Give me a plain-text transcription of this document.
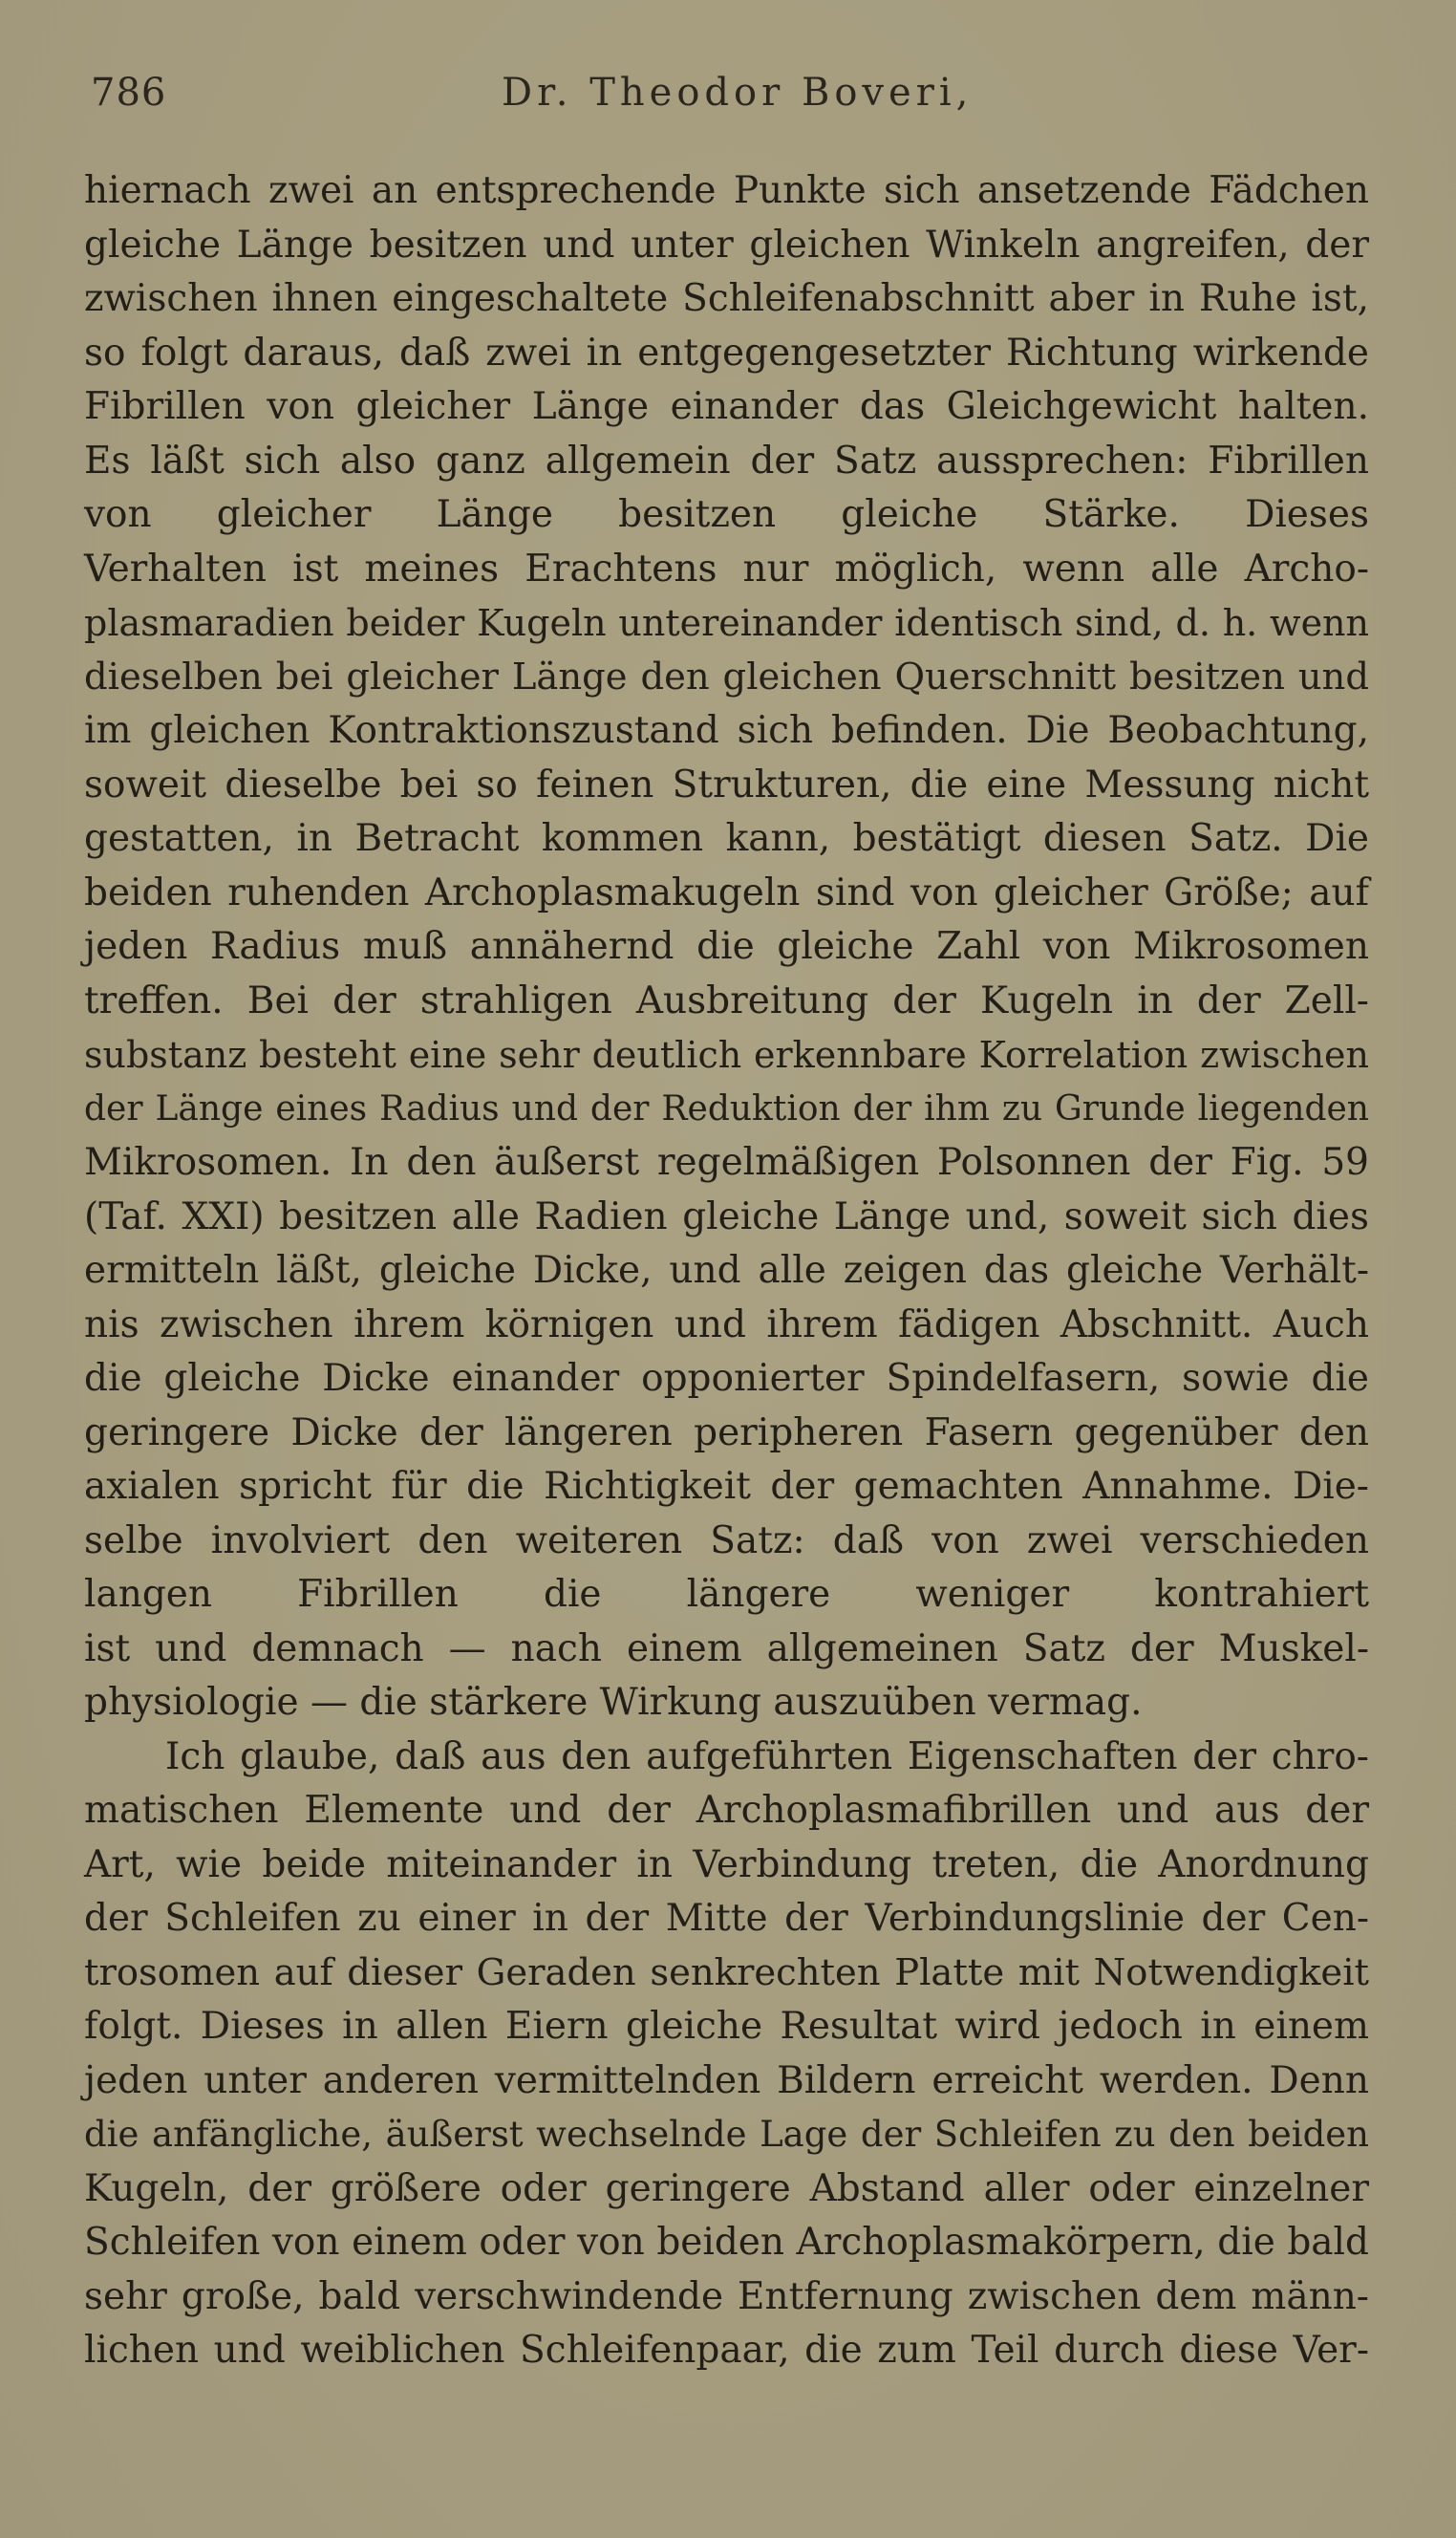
786	Dr. Theodor Boveri,
hiernach zwei an entsprechende Punkte sich ansetzende Fädchen
gleiche Länge besitzen und unter gleichen Winkeln angreifen, der
zwischen ihnen eingeschaltete Schleifenabschnitt aber in Ruhe ist,
so folgt daraus, daß zwei in entgegengesetzter Richtung wirkende
Fibrillen von gleicher Länge einander das Gleichgewicht halten.
Es läßt sich also ganz allgemein der Satz aussprechen: Fibrillen
von gleicher Länge besitzen gleiche Stärke. Dieses
Verhalten ist meines Erachtens nur möglich, wenn alle Archo-
plasmaradien beider Kugeln untereinander identisch sind, d. h. wenn
dieselben bei gleicher Länge den gleichen Querschnitt besitzen und
im gleichen Kontraktionszustand sich befinden. Die Beobachtung,
soweit dieselbe bei so feinen Strukturen, die eine Messung nicht
gestatten, in Betracht kommen kann, bestätigt diesen Satz. Die
beiden ruhenden Archoplasmakugeln sind von gleicher Größe; auf
jeden Radius muß annähernd die gleiche Zahl von Mikrosomen
treffen. Bei der strahligen Ausbreitung der Kugeln in der Zell-
substanz besteht eine sehr deutlich erkennbare Korrelation zwischen
der Länge eines Radius und der Reduktion der ihm zu Grunde liegenden
Mikrosomen. In den äußerst regelmäßigen Polsonnen der Fig. 59
(Taf. XXI) besitzen alle Radien gleiche Länge und, soweit sich dies
ermitteln läßt, gleiche Dicke, und alle zeigen das gleiche Verhält-
nis zwischen ihrem körnigen und ihrem fädigen Abschnitt. Auch
die gleiche Dicke einander opponierter Spindelfasern, sowie die
geringere Dicke der längeren peripheren Fasern gegenüber den
axialen spricht für die Richtigkeit der gemachten Annahme. Die-
selbe involviert den weiteren Satz: daß von zwei verschieden
langen Fibrillen die längere weniger kontrahiert
ist und demnach — nach einem allgemeinen Satz der Muskel-
physiologie — die stärkere Wirkung auszuüben vermag.
Ich glaube, daß aus den aufgeführten Eigenschaften der chro-
matischen Elemente und der Archoplasmafibrillen und aus der
Art, wie beide miteinander in Verbindung treten, die Anordnung
der Schleifen zu einer in der Mitte der Verbindungslinie der Cen-
trosomen auf dieser Geraden senkrechten Platte mit Notwendigkeit
folgt. Dieses in allen Eiern gleiche Resultat wird jedoch in einem
jeden unter anderen vermittelnden Bildern erreicht werden. Denn
die anfängliche, äußerst wechselnde Lage der Schleifen zu den beiden
Kugeln, der größere oder geringere Abstand aller oder einzelner
Schleifen von einem oder von beiden Archoplasmakörpern, die bald
sehr große, bald verschwindende Entfernung zwischen dem männ-
lichen und weiblichen Schleifenpaar, die zum Teil durch diese Ver-
